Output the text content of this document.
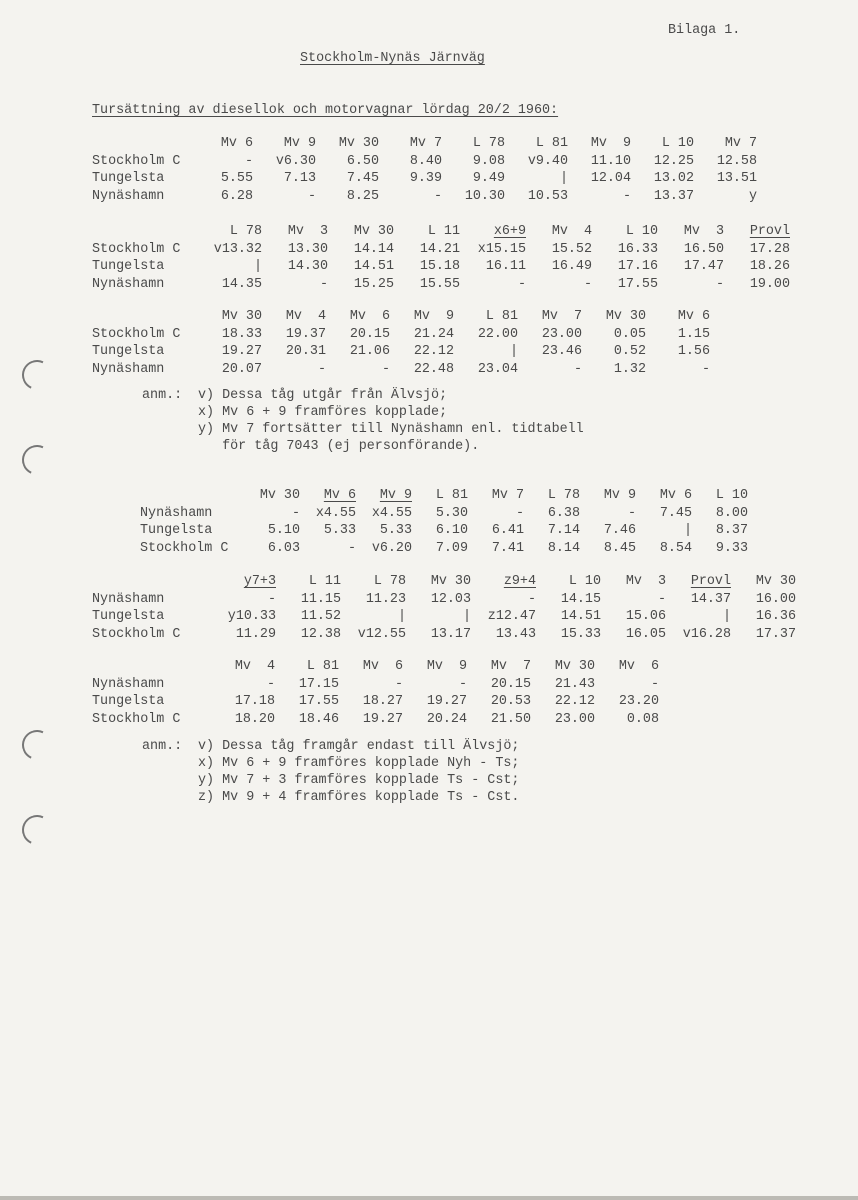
Bilaga 1.
Stockholm-Nynäs Järnväg
Tursättning av diesellok och motorvagnar lördag 20/2 1960:
Mv 6	Mv 9	Mv 30	Mv 7	L 78	L 81	Mv  9	L 10	Mv 7
Stockholm C	-	v6.30	6.50	8.40	9.08	v9.40	11.10	12.25	12.58
Tungelsta	5.55	7.13	7.45	9.39	9.49	|	12.04	13.02	13.51
Nynäshamn	6.28	-	8.25	-	10.30	10.53	-	13.37	y
L 78	Mv  3	Mv 30	L 11	x6+9	Mv  4	L 10	Mv  3	Provl
Stockholm C	v13.32	13.30	14.14	14.21	x15.15	15.52	16.33	16.50	17.28
Tungelsta	|	14.30	14.51	15.18	16.11	16.49	17.16	17.47	18.26
Nynäshamn	14.35	-	15.25	15.55	-	-	17.55	-	19.00
Mv 30	Mv  4	Mv  6	Mv  9	L 81	Mv  7	Mv 30	Mv 6
Stockholm C	18.33	19.37	20.15	21.24	22.00	23.00	0.05	1.15
Tungelsta	19.27	20.31	21.06	22.12	|	23.46	0.52	1.56
Nynäshamn	20.07	-	-	22.48	23.04	-	1.32	-
Mv 30	Mv 6	Mv 9	L 81	Mv 7	L 78	Mv 9	Mv 6	L 10
Nynäshamn	-	x4.55	x4.55	5.30	-	6.38	-	7.45	8.00
Tungelsta	5.10	5.33	5.33	6.10	6.41	7.14	7.46	|	8.37
Stockholm C	6.03	-	v6.20	7.09	7.41	8.14	8.45	8.54	9.33
y7+3	L 11	L 78	Mv 30	z9+4	L 10	Mv  3	Provl	Mv 30
Nynäshamn	-	11.15	11.23	12.03	-	14.15	-	14.37	16.00
Tungelsta	y10.33	11.52	|	|	z12.47	14.51	15.06	|	16.36
Stockholm C	11.29	12.38	v12.55	13.17	13.43	15.33	16.05	v16.28	17.37
Mv  4	L 81	Mv  6	Mv  9	Mv  7	Mv 30	Mv  6
Nynäshamn	-	17.15	-	-	20.15	21.43	-
Tungelsta	17.18	17.55	18.27	19.27	20.53	22.12	23.20
Stockholm C	18.20	18.46	19.27	20.24	21.50	23.00	0.08
anm.: v) Dessa tåg utgår från Älvsjö;
x) Mv 6 + 9 framföres kopplade;
y) Mv 7 fortsätter till Nynäshamn enl. tidtabell
för tåg 7043 (ej personförande).
anm.: v) Dessa tåg framgår endast till Älvsjö;
x) Mv 6 + 9 framföres kopplade Nyh - Ts;
y) Mv 7 + 3 framföres kopplade Ts - Cst;
z) Mv 9 + 4 framföres kopplade Ts - Cst.
